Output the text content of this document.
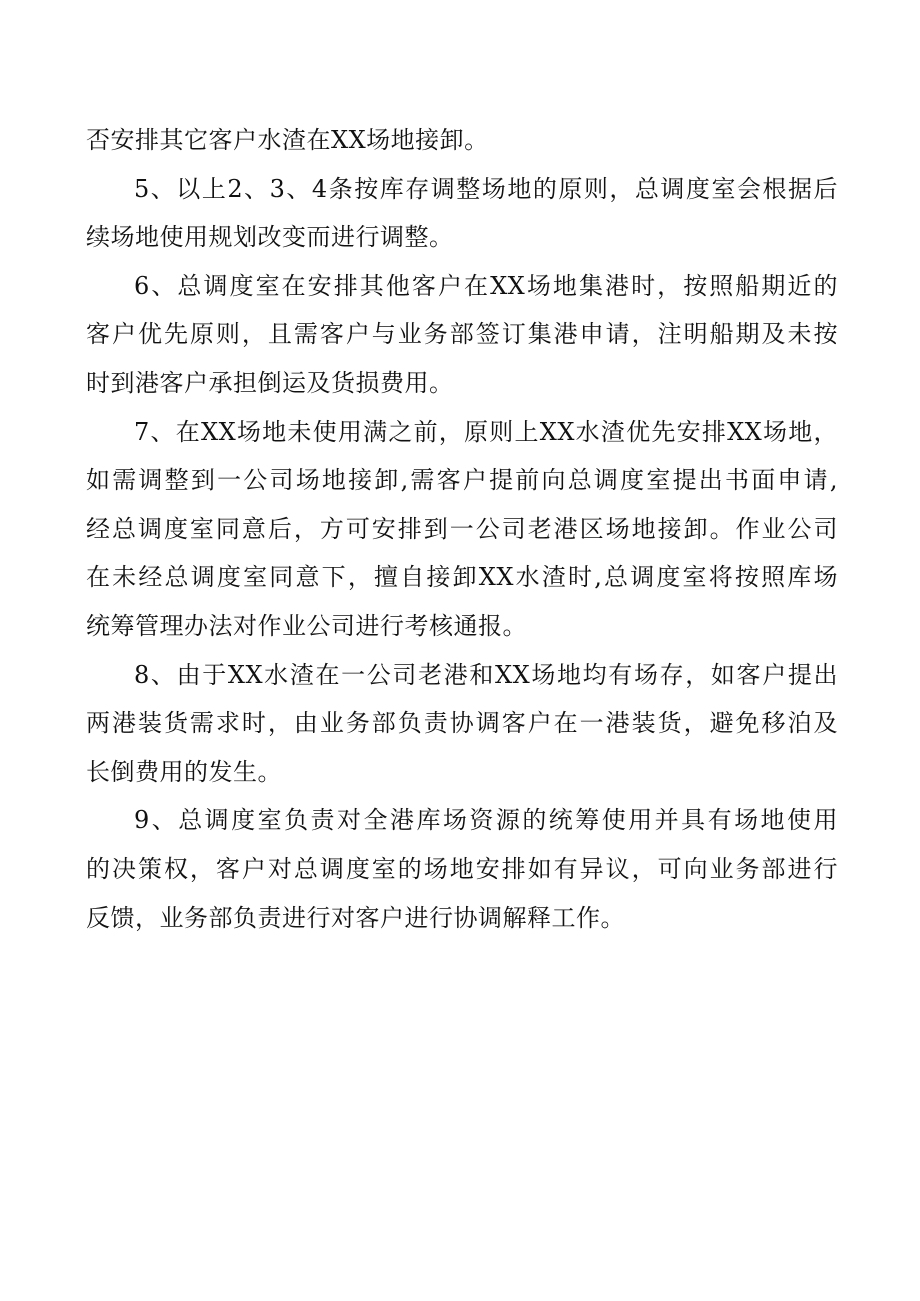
否安排其它客户水渣在XX场地接卸。
5、以上2、3、4条按库存调整场地的原则，总调度室会根据后
续场地使用规划改变而进行调整。
6、总调度室在安排其他客户在XX场地集港时，按照船期近的
客户优先原则，且需客户与业务部签订集港申请，注明船期及未按
时到港客户承担倒运及货损费用。
7、在XX场地未使用满之前，原则上XX水渣优先安排XX场地，
如需调整到一公司场地接卸,需客户提前向总调度室提出书面申请,
经总调度室同意后，方可安排到一公司老港区场地接卸。作业公司
在未经总调度室同意下，擅自接卸XX水渣时,总调度室将按照库场
统筹管理办法对作业公司进行考核通报。
8、由于XX水渣在一公司老港和XX场地均有场存，如客户提出
两港装货需求时，由业务部负责协调客户在一港装货，避免移泊及
长倒费用的发生。
9、总调度室负责对全港库场资源的统筹使用并具有场地使用
的决策权，客户对总调度室的场地安排如有异议，可向业务部进行
反馈，业务部负责进行对客户进行协调解释工作。
